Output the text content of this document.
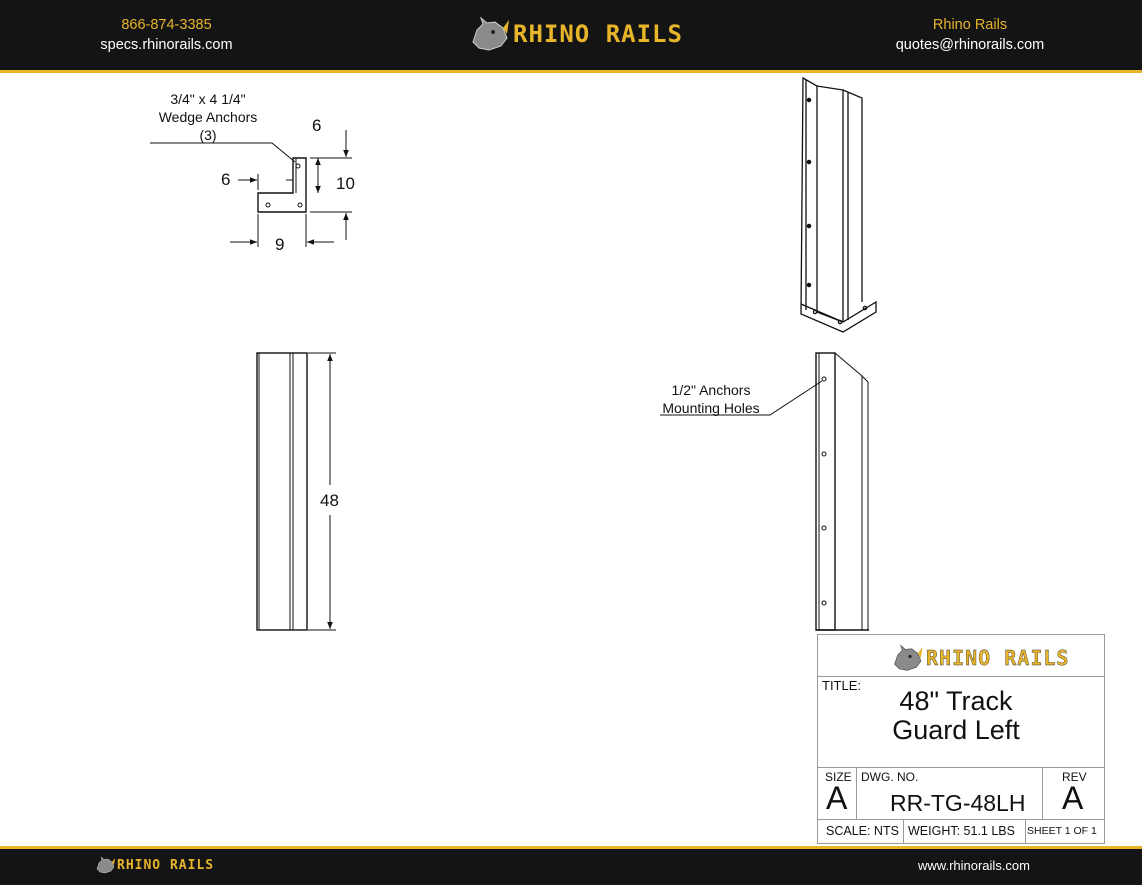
866-874-3385
specs.rhinorails.com	RHINO RAILS	Rhino Rails
quotes@rhinorails.com
3/4" x 4 1/4"
Wedge Anchors
(3)	6
6	10
9
48
1/2" Anchors
Mounting Holes
RHINO RAILS
TITLE:
48" Track
Guard Left
SIZE
A
DWG. NO.
RR-TG-48LH
REV
A
SCALE: NTS WEIGHT: 51.1 LBS SHEET 1 OF 1
RHINO RAILS	www.rhinorails.com
